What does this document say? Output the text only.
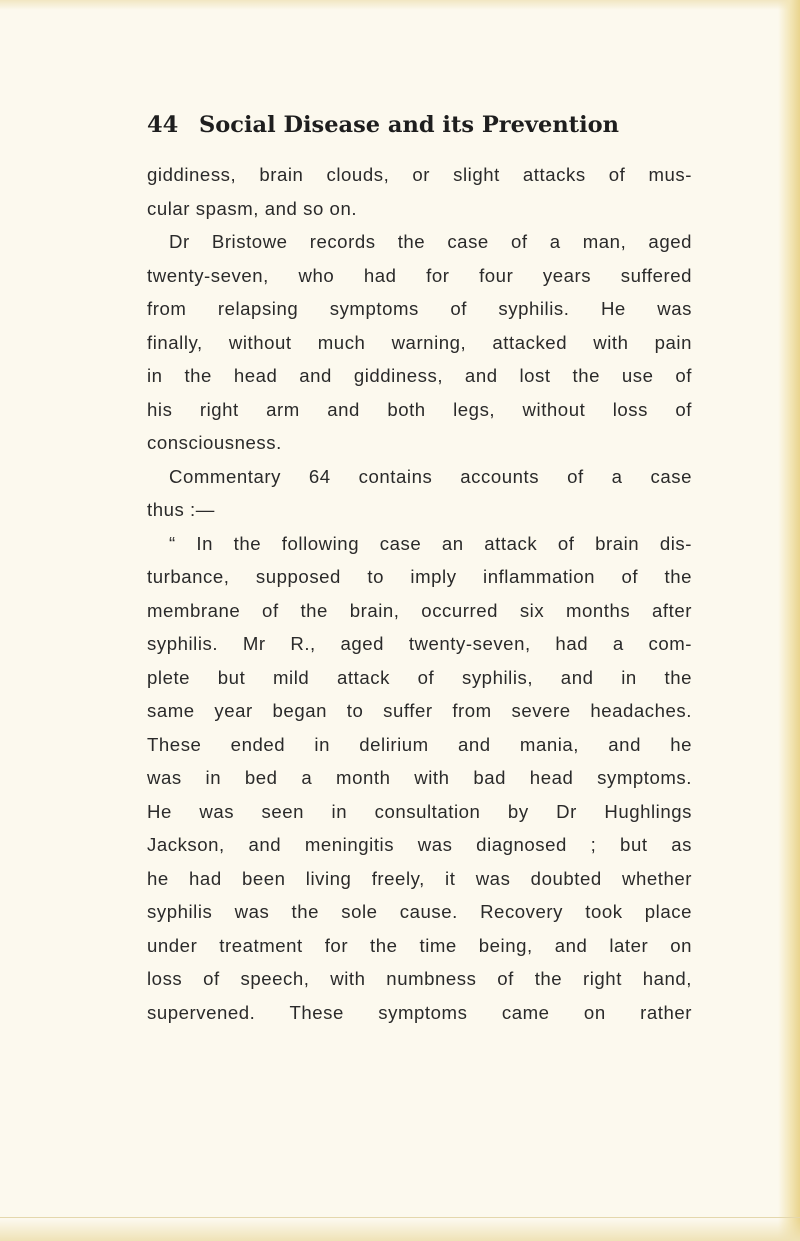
44 Social Disease and its Prevention
giddiness, brain clouds, or slight attacks of mus-
cular spasm, and so on.
Dr Bristowe records the case of a man, aged
twenty-seven, who had for four years suffered
from relapsing symptoms of syphilis. He was
finally, without much warning, attacked with pain
in the head and giddiness, and lost the use of
his right arm and both legs, without loss of
consciousness.
Commentary 64 contains accounts of a case
thus :—
“ In the following case an attack of brain dis-
turbance, supposed to imply inflammation of the
membrane of the brain, occurred six months after
syphilis. Mr R., aged twenty-seven, had a com-
plete but mild attack of syphilis, and in the
same year began to suffer from severe headaches.
These ended in delirium and mania, and he
was in bed a month with bad head symptoms.
He was seen in consultation by Dr Hughlings
Jackson, and meningitis was diagnosed ; but as
he had been living freely, it was doubted whether
syphilis was the sole cause. Recovery took place
under treatment for the time being, and later on
loss of speech, with numbness of the right hand,
supervened. These symptoms came on rather
